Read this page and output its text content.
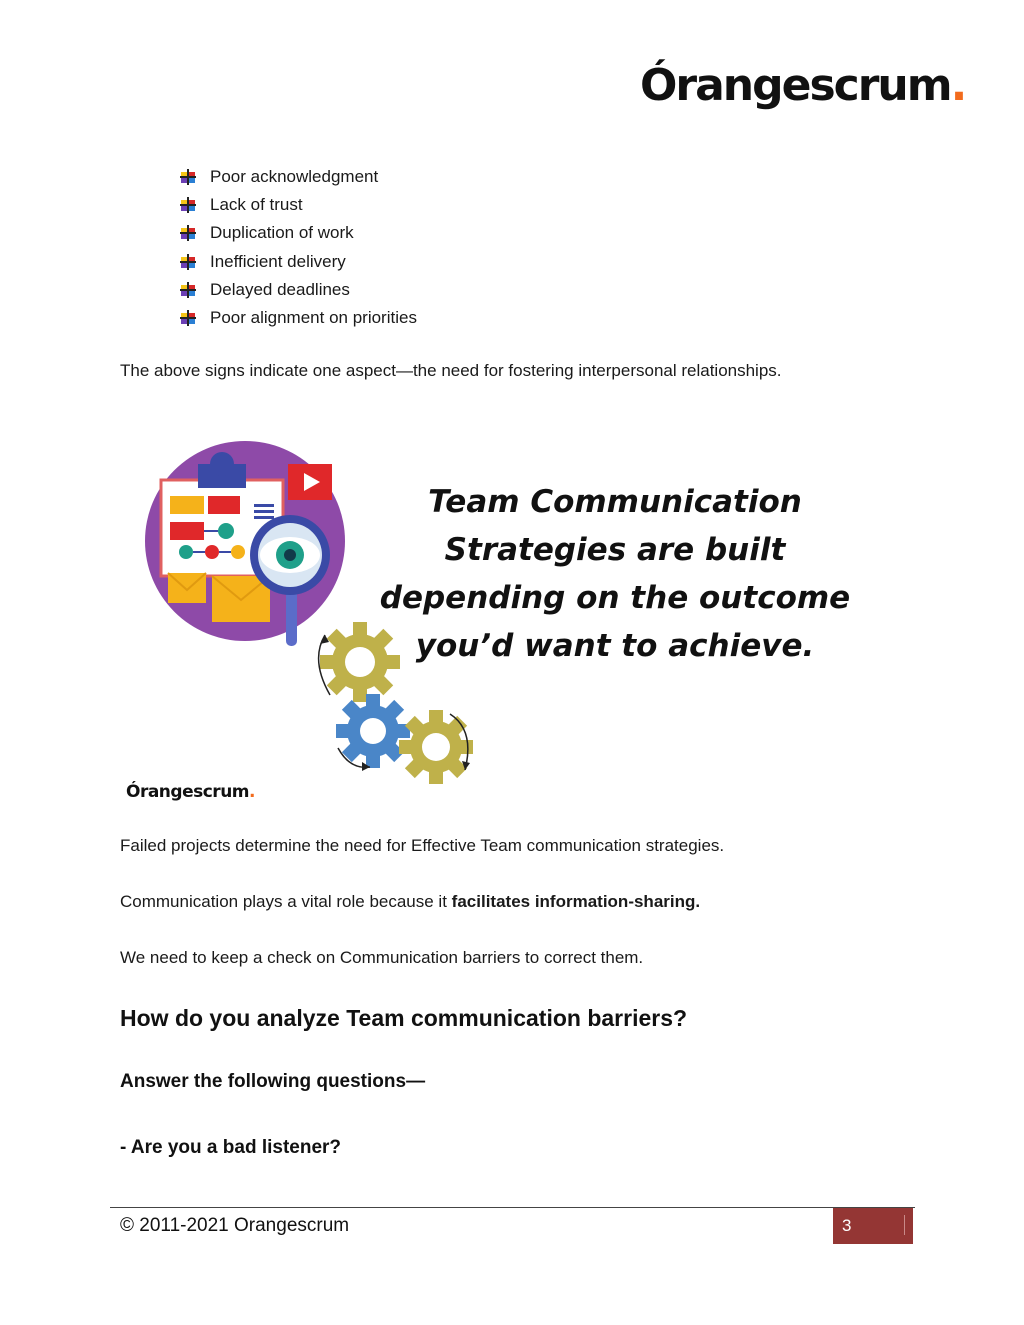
Órangescrum.
Poor acknowledgment
Lack of trust
Duplication of work
Inefficient delivery
Delayed deadlines
Poor alignment on priorities

The above signs indicate one aspect—the need for fostering interpersonal relationships.

Team Communication Strategies are built depending on the outcome you’d want to achieve.
Órangescrum.

Failed projects determine the need for Effective Team communication strategies.

Communication plays a vital role because it facilitates information-sharing.

We need to keep a check on Communication barriers to correct them.

How do you analyze Team communication barriers?
Answer the following questions—
- Are you a bad listener?
© 2011-2021 Orangescrum	3
